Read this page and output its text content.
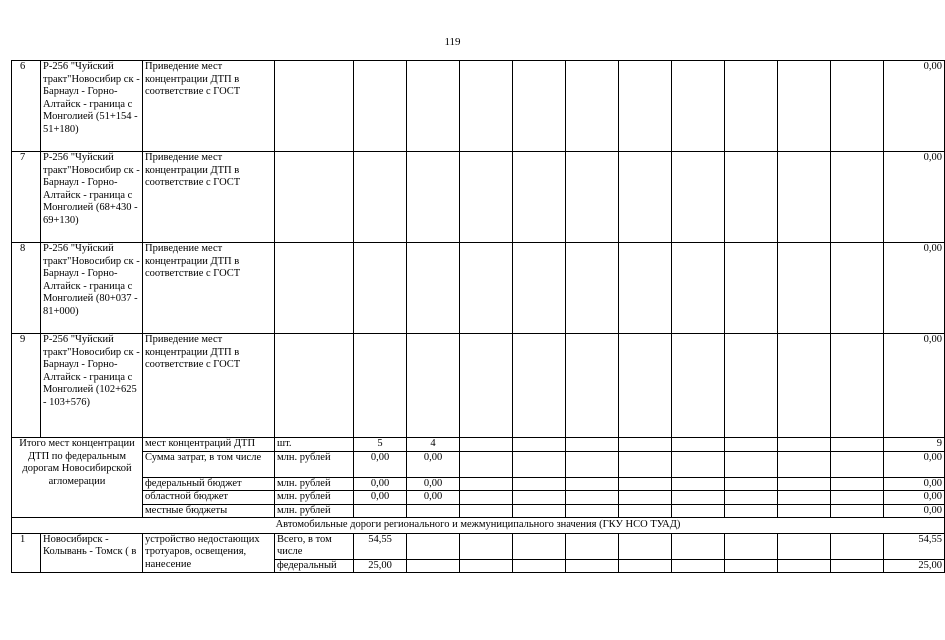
119
6	Р-256 "Чуйский тракт"Новосибир ск - Барнаул - Горно-Алтайск - граница с Монголией (51+154 - 51+180)	Приведение мест концентрации ДТП в соответствие с ГОСТ												0,00
7	Р-256 "Чуйский тракт"Новосибир ск - Барнаул - Горно-Алтайск - граница с Монголией (68+430 - 69+130)	Приведение мест концентрации ДТП в соответствие с ГОСТ												0,00
8	Р-256 "Чуйский тракт"Новосибир ск - Барнаул - Горно-Алтайск - граница с Монголией (80+037 - 81+000)	Приведение мест концентрации ДТП в соответствие с ГОСТ												0,00
9	Р-256 "Чуйский тракт"Новосибир ск - Барнаул - Горно-Алтайск - граница с Монголией (102+625 - 103+576)	Приведение мест концентрации ДТП в соответствие с ГОСТ												0,00
Итого мест концентрации ДТП по федеральным дорогам Новосибирской агломерации		мест концентраций ДТП	шт.	5	4									9
		Сумма затрат, в том числе	млн. рублей	0,00	0,00									0,00
		федеральный бюджет	млн. рублей	0,00	0,00									0,00
		областной бюджет	млн. рублей	0,00	0,00									0,00
		местные бюджеты	млн. рублей											0,00
Автомобильные дороги регионального и межмуниципального значения (ГКУ НСО ТУАД)														
1	Новосибирск - Колывань - Томск ( в	устройство недостающих тротуаров, освещения, нанесение	Всего, в том числе	54,55										54,55
			федеральный	25,00										25,00
